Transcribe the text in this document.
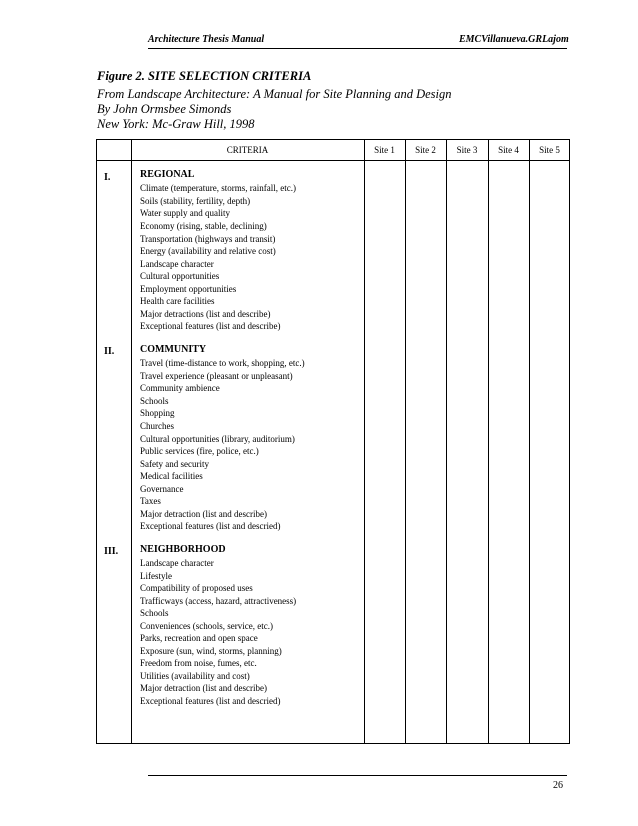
Architecture Thesis Manual	EMCVillanueva.GRLajom
Figure 2. SITE SELECTION CRITERIA
From Landscape Architecture: A Manual for Site Planning and Design
By John Ormsbee Simonds
New York: Mc-Graw Hill, 1998
CRITERIA	Site 1	Site 2	Site 3	Site 4	Site 5
I.	REGIONAL
Climate (temperature, storms, rainfall, etc.)
Soils (stability, fertility, depth)
Water supply and quality
Economy (rising, stable, declining)
Transportation (highways and transit)
Energy (availability and relative cost)
Landscape character
Cultural opportunities
Employment opportunities
Health care facilities
Major detractions (list and describe)
Exceptional features (list and describe)
II.	COMMUNITY
Travel (time-distance to work, shopping, etc.)
Travel experience (pleasant or unpleasant)
Community ambience
Schools
Shopping
Churches
Cultural opportunities (library, auditorium)
Public services (fire, police, etc.)
Safety and security
Medical facilities
Governance
Taxes
Major detraction (list and describe)
Exceptional features (list and descried)
III. NEIGHBORHOOD
Landscape character
Lifestyle
Compatibility of proposed uses
Trafficways (access, hazard, attractiveness)
Schools
Conveniences (schools, service, etc.)
Parks, recreation and open space
Exposure (sun, wind, storms, planning)
Freedom from noise, fumes, etc.
Utilities (availability and cost)
Major detraction (list and describe)
Exceptional features (list and descried)
26
